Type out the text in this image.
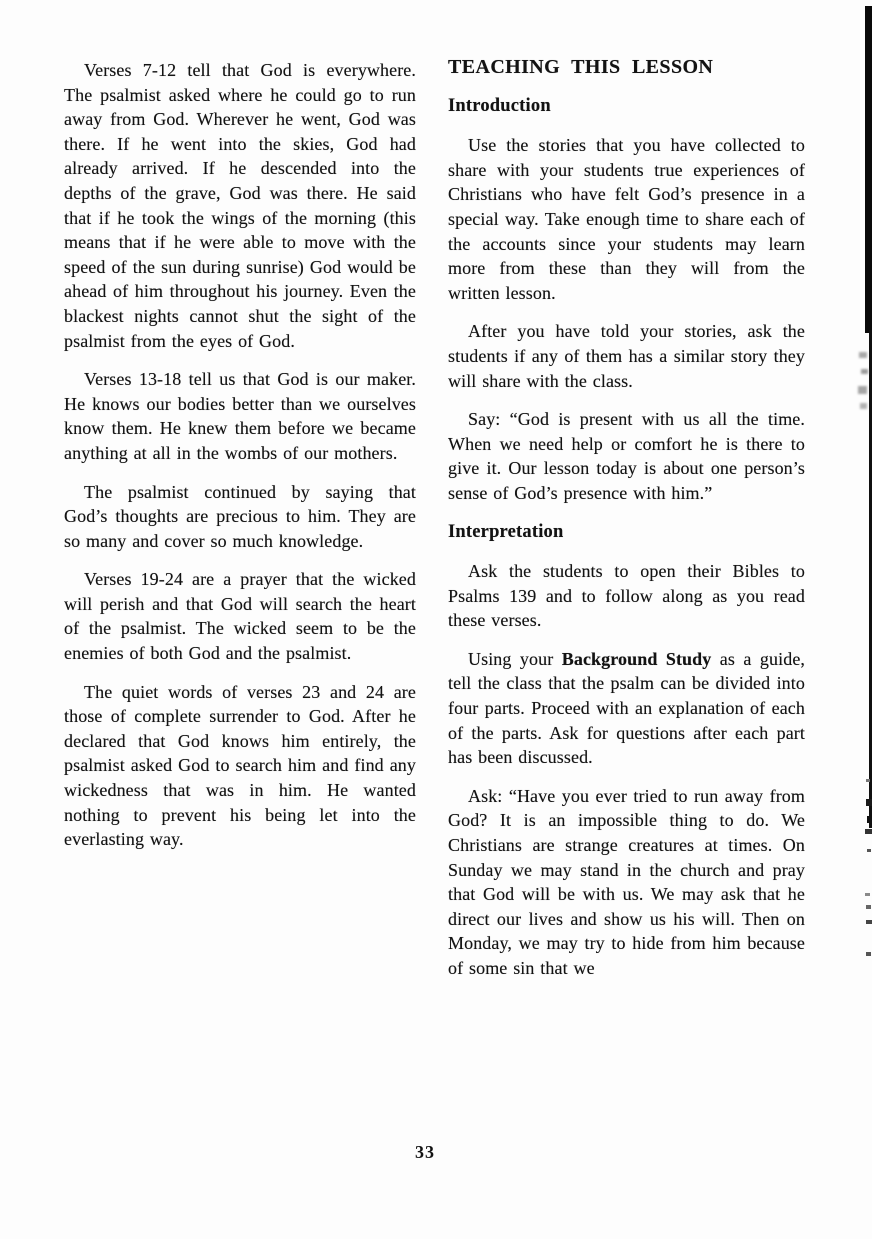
Verses 7-12 tell that God is everywhere. The psalmist asked where he could go to run away from God. Wherever he went, God was there. If he went into the skies, God had already arrived. If he descended into the depths of the grave, God was there. He said that if he took the wings of the morning (this means that if he were able to move with the speed of the sun during sunrise) God would be ahead of him throughout his journey. Even the blackest nights cannot shut the sight of the psalmist from the eyes of God.

Verses 13-18 tell us that God is our maker. He knows our bodies better than we ourselves know them. He knew them before we became anything at all in the wombs of our mothers.

The psalmist continued by saying that God’s thoughts are precious to him. They are so many and cover so much knowledge.

Verses 19-24 are a prayer that the wicked will perish and that God will search the heart of the psalmist. The wicked seem to be the enemies of both God and the psalmist.

The quiet words of verses 23 and 24 are those of complete surrender to God. After he declared that God knows him entirely, the psalmist asked God to search him and find any wickedness that was in him. He wanted nothing to prevent his being let into the everlasting way.

TEACHING THIS LESSON
Introduction

Use the stories that you have collected to share with your students true experiences of Christians who have felt God’s presence in a special way. Take enough time to share each of the accounts since your students may learn more from these than they will from the written lesson.

After you have told your stories, ask the students if any of them has a similar story they will share with the class.

Say: “God is present with us all the time. When we need help or comfort he is there to give it. Our lesson today is about one person’s sense of God’s presence with him.”

Interpretation

Ask the students to open their Bibles to Psalms 139 and to follow along as you read these verses.

Using your Background Study as a guide, tell the class that the psalm can be divided into four parts. Proceed with an explanation of each of the parts. Ask for questions after each part has been discussed.

Ask: “Have you ever tried to run away from God? It is an impossible thing to do. We Christians are strange creatures at times. On Sunday we may stand in the church and pray that God will be with us. We may ask that he direct our lives and show us his will. Then on Monday, we may try to hide from him because of some sin that we

33
